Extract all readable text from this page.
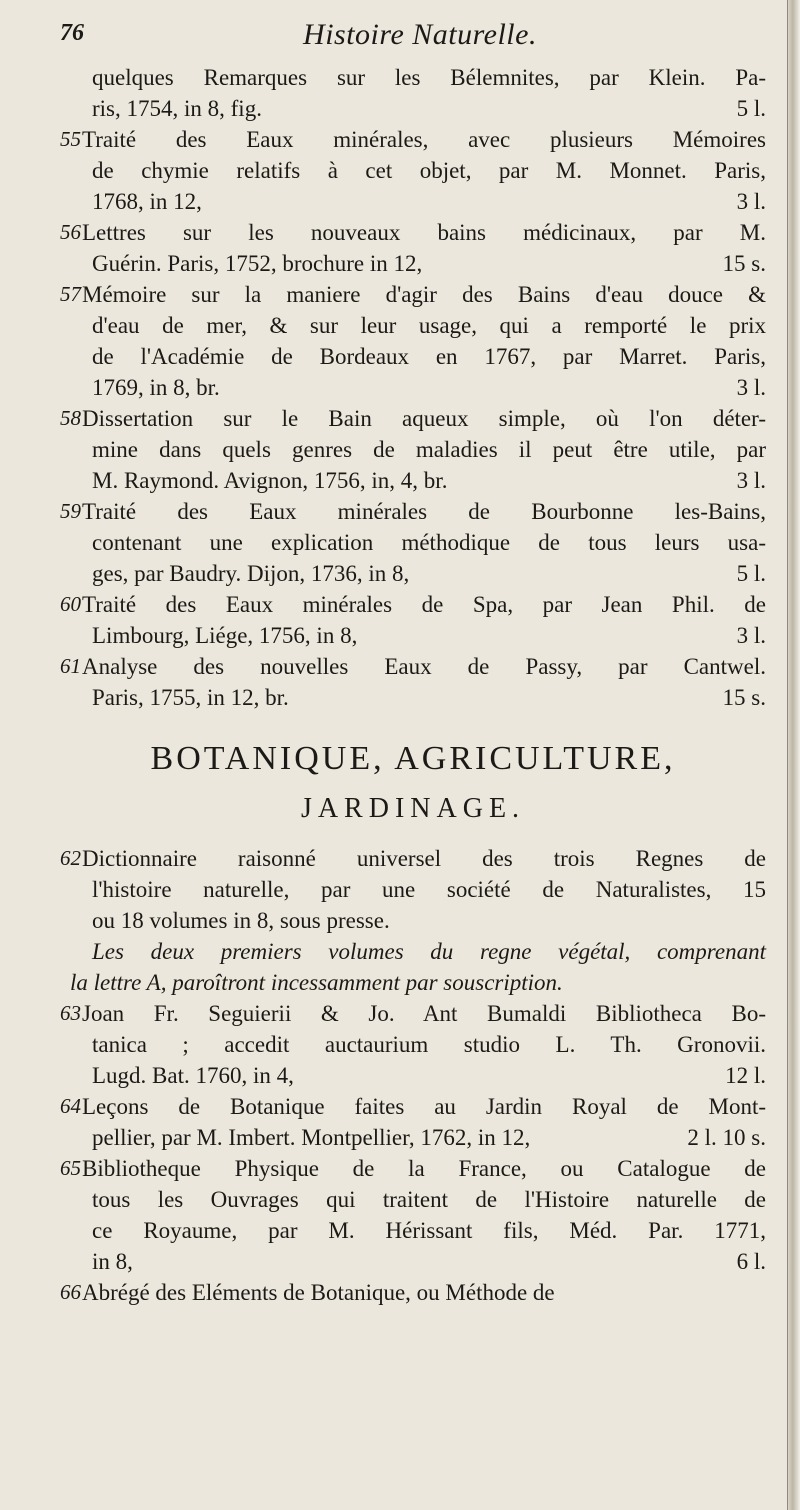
76	Histoire Naturelle.
quelques Remarques sur les Bélemnites, par Klein. Pa-
ris, 1754, in 8, fig.	5 l.
55 Traité des Eaux minérales, avec plusieurs Mémoires
de chymie relatifs à cet objet, par M. Monnet. Paris,
1768, in 12,	3 l.
56 Lettres sur les nouveaux bains médicinaux, par M.
Guérin. Paris, 1752, brochure in 12,	15 s.
57 Mémoire sur la maniere d'agir des Bains d'eau douce &
d'eau de mer, & sur leur usage, qui a remporté le prix
de l'Académie de Bordeaux en 1767, par Marret. Paris,
1769, in 8, br.	3 l.
58 Dissertation sur le Bain aqueux simple, où l'on déter-
mine dans quels genres de maladies il peut être utile, par
M. Raymond. Avignon, 1756, in, 4, br.	3 l.
59 Traité des Eaux minérales de Bourbonne les-Bains,
contenant une explication méthodique de tous leurs usa-
ges, par Baudry. Dijon, 1736, in 8,	5 l.
60 Traité des Eaux minérales de Spa, par Jean Phil. de
Limbourg, Liége, 1756, in 8,	3 l.
61 Analyse des nouvelles Eaux de Passy, par Cantwel.
Paris, 1755, in 12, br.	15 s.
BOTANIQUE, AGRICULTURE,
JARDINAGE.
62 Dictionnaire raisonné universel des trois Regnes de
l'histoire naturelle, par une société de Naturalistes, 15
ou 18 volumes in 8, sous presse.
Les deux premiers volumes du regne végétal, comprenant
la lettre A, paroîtront incessamment par souscription.
63 Joan Fr. Seguierii & Jo. Ant Bumaldi Bibliotheca Bo-
tanica ; accedit auctaurium studio L. Th. Gronovii.
Lugd. Bat. 1760, in 4,	12 l.
64 Leçons de Botanique faites au Jardin Royal de Mont-
pellier, par M. Imbert. Montpellier, 1762, in 12,	2 l. 10 s.
65 Bibliotheque Physique de la France, ou Catalogue de
tous les Ouvrages qui traitent de l'Histoire naturelle de
ce Royaume, par M. Hérissant fils, Méd. Par. 1771,
in 8,	6 l.
66 Abrégé des Eléments de Botanique, ou Méthode de
